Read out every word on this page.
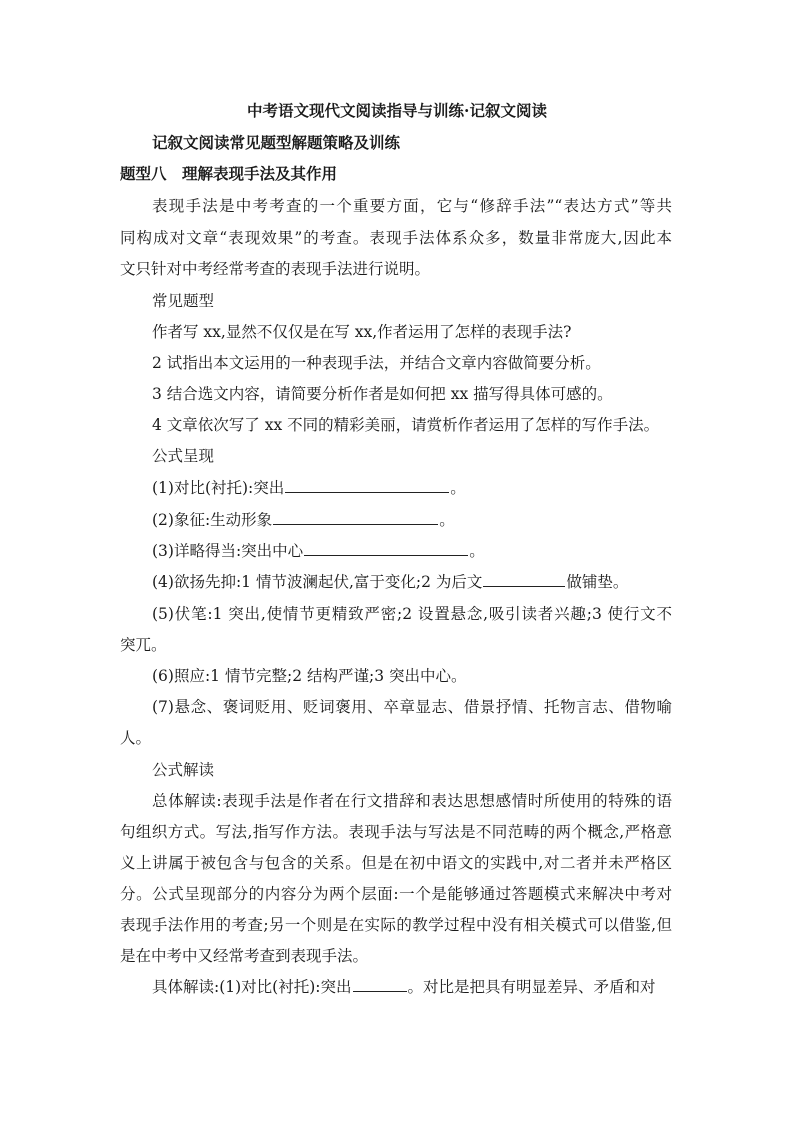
中考语文现代文阅读指导与训练·记叙文阅读
记叙文阅读常见题型解题策略及训练
题型八　理解表现手法及其作用
表现手法是中考考查的一个重要方面，它与“修辞手法”“表达方式”等共
同构成对文章“表现效果”的考查。表现手法体系众多，数量非常庞大,因此本
文只针对中考经常考查的表现手法进行说明。
常见题型
作者写 xx,显然不仅仅是在写 xx,作者运用了怎样的表现手法?
2 试指出本文运用的一种表现手法，并结合文章内容做简要分析。
3 结合选文内容，请简要分析作者是如何把 xx 描写得具体可感的。
4 文章依次写了 xx 不同的精彩美丽，请赏析作者运用了怎样的写作手法。
公式呈现
(1)对比(衬托):突出	。
(2)象征:生动形象	。
(3)详略得当:突出中心	。
(4)欲扬先抑:1 情节波澜起伏,富于变化;2 为后文	做铺垫。
(5)伏笔:1 突出,使情节更精致严密;2 设置悬念,吸引读者兴趣;3 使行文不
突兀。
(6)照应:1 情节完整;2 结构严谨;3 突出中心。
(7)悬念、褒词贬用、贬词褒用、卒章显志、借景抒情、托物言志、借物喻
人。
公式解读
总体解读:表现手法是作者在行文措辞和表达思想感情时所使用的特殊的语
句组织方式。写法,指写作方法。表现手法与写法是不同范畴的两个概念,严格意
义上讲属于被包含与包含的关系。但是在初中语文的实践中,对二者并未严格区
分。公式呈现部分的内容分为两个层面:一个是能够通过答题模式来解决中考对
表现手法作用的考查;另一个则是在实际的教学过程中没有相关模式可以借鉴,但
是在中考中又经常考查到表现手法。
具体解读:(1)对比(衬托):突出	。对比是把具有明显差异、矛盾和对
